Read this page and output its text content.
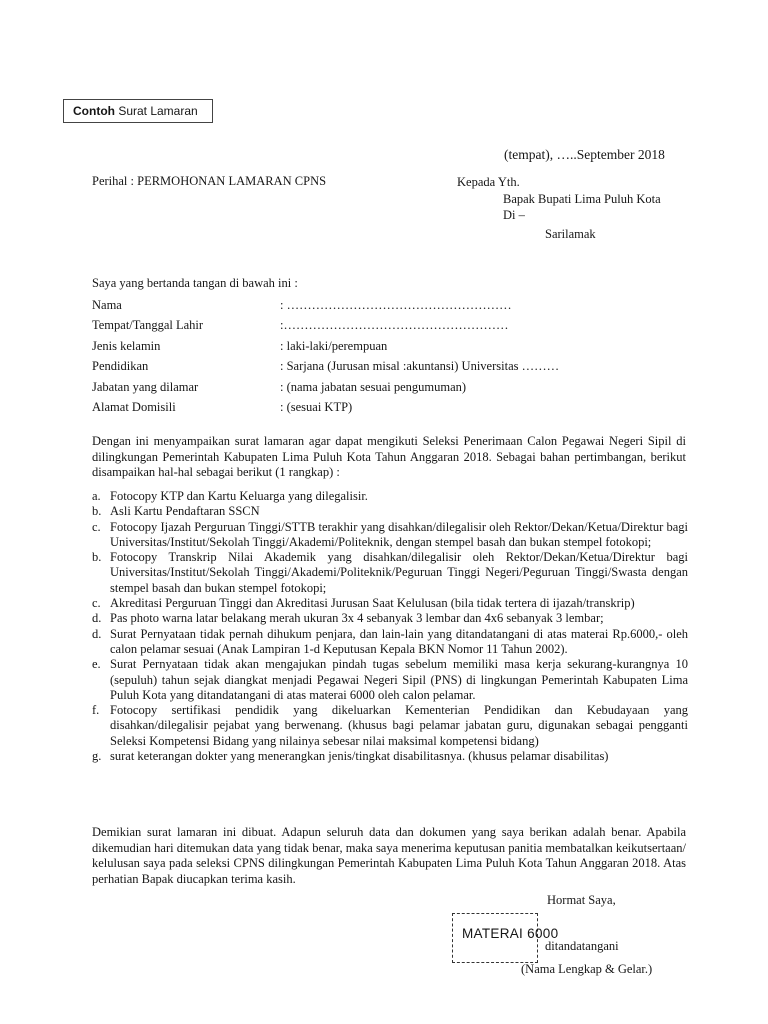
Contoh Surat Lamaran
(tempat), …..September 2018
Perihal : PERMOHONAN LAMARAN CPNS	Kepada Yth.
Bapak Bupati Lima Puluh Kota
Di –
Sarilamak
Saya yang bertanda tangan di bawah ini :
Nama	: ………………………………………………
Tempat/Tanggal Lahir	:………………………………………………
Jenis kelamin	: laki-laki/perempuan
Pendidikan	: Sarjana (Jurusan misal :akuntansi) Universitas ………
Jabatan yang dilamar	: (nama jabatan sesuai pengumuman)
Alamat Domisili	: (sesuai KTP)
Dengan ini menyampaikan surat lamaran agar dapat mengikuti Seleksi Penerimaan Calon Pegawai Negeri Sipil di dilingkungan Pemerintah Kabupaten Lima Puluh Kota Tahun Anggaran 2018. Sebagai bahan pertimbangan, berikut disampaikan hal-hal sebagai berikut (1 rangkap) :
a. Fotocopy KTP dan Kartu Keluarga yang dilegalisir.
b. Asli Kartu Pendaftaran SSCN
c. Fotocopy Ijazah Perguruan Tinggi/STTB terakhir yang disahkan/dilegalisir oleh Rektor/Dekan/Ketua/Direktur bagi Universitas/Institut/Sekolah Tinggi/Akademi/Politeknik, dengan stempel basah dan bukan stempel fotokopi;
b. Fotocopy Transkrip Nilai Akademik yang disahkan/dilegalisir oleh Rektor/Dekan/Ketua/Direktur bagi Universitas/Institut/Sekolah Tinggi/Akademi/Politeknik/Peguruan Tinggi Negeri/Peguruan Tinggi/Swasta dengan stempel basah dan bukan stempel fotokopi;
c. Akreditasi Perguruan Tinggi dan Akreditasi Jurusan Saat Kelulusan (bila tidak tertera di ijazah/transkrip)
d. Pas photo warna latar belakang merah ukuran 3x 4 sebanyak 3 lembar dan 4x6 sebanyak 3 lembar;
d. Surat Pernyataan tidak pernah dihukum penjara, dan lain-lain yang ditandatangani di atas materai Rp.6000,- oleh calon pelamar sesuai (Anak Lampiran 1-d Keputusan Kepala BKN Nomor 11 Tahun 2002).
e. Surat Pernyataan tidak akan mengajukan pindah tugas sebelum memiliki masa kerja sekurang-kurangnya 10 (sepuluh) tahun sejak diangkat menjadi Pegawai Negeri Sipil (PNS) di lingkungan Pemerintah Kabupaten Lima Puluh Kota yang ditandatangani di atas materai 6000 oleh calon pelamar.
f. Fotocopy sertifikasi pendidik yang dikeluarkan Kementerian Pendidikan dan Kebudayaan yang disahkan/dilegalisir pejabat yang berwenang. (khusus bagi pelamar jabatan guru, digunakan sebagai pengganti Seleksi Kompetensi Bidang yang nilainya sebesar nilai maksimal kompetensi bidang)
g. surat keterangan dokter yang menerangkan jenis/tingkat disabilitasnya. (khusus pelamar disabilitas)
Demikian surat lamaran ini dibuat. Adapun seluruh data dan dokumen yang saya berikan adalah benar. Apabila dikemudian hari ditemukan data yang tidak benar, maka saya menerima keputusan panitia membatalkan keikutsertaan/ kelulusan saya pada seleksi CPNS dilingkungan Pemerintah Kabupaten Lima Puluh Kota Tahun Anggaran 2018. Atas perhatian Bapak diucapkan terima kasih.
Hormat Saya,
MATERAI 6000
ditandatangani
(Nama Lengkap & Gelar.)
